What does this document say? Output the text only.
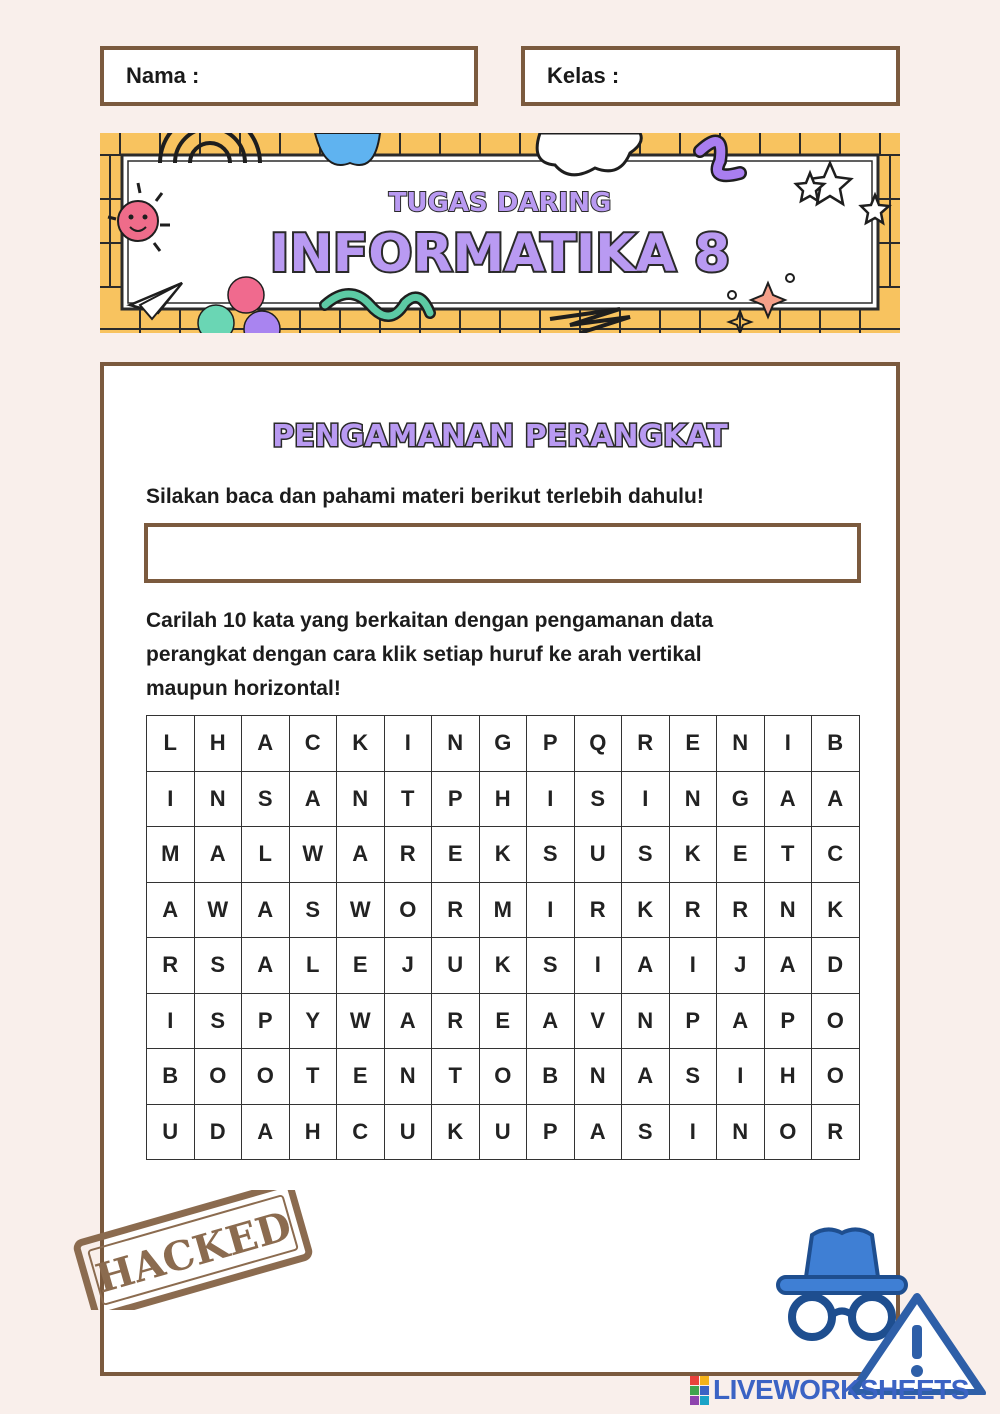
Nama :	Kelas :
TUGAS DARING
INFORMATIKA 8
PENGAMANAN PERANGKAT
Silakan baca dan pahami materi berikut terlebih dahulu!
Carilah 10 kata yang berkaitan dengan pengamanan data
perangkat dengan cara klik setiap huruf ke arah vertikal
maupun horizontal!
L	H	A	C	K	I	N	G	P	Q	R	E	N	I	B
I	N	S	A	N	T	P	H	I	S	I	N	G	A	A
M	A	L	W	A	R	E	K	S	U	S	K	E	T	C
A	W	A	S	W	O	R	M	I	R	K	R	R	N	K
R	S	A	L	E	J	U	K	S	I	A	I	J	A	D
I	S	P	Y	W	A	R	E	A	V	N	P	A	P	O
B	O	O	T	E	N	T	O	B	N	A	S	I	H	O
U	D	A	H	C	U	K	U	P	A	S	I	N	O	R
HACKED
LIVEWORKSHEETS
